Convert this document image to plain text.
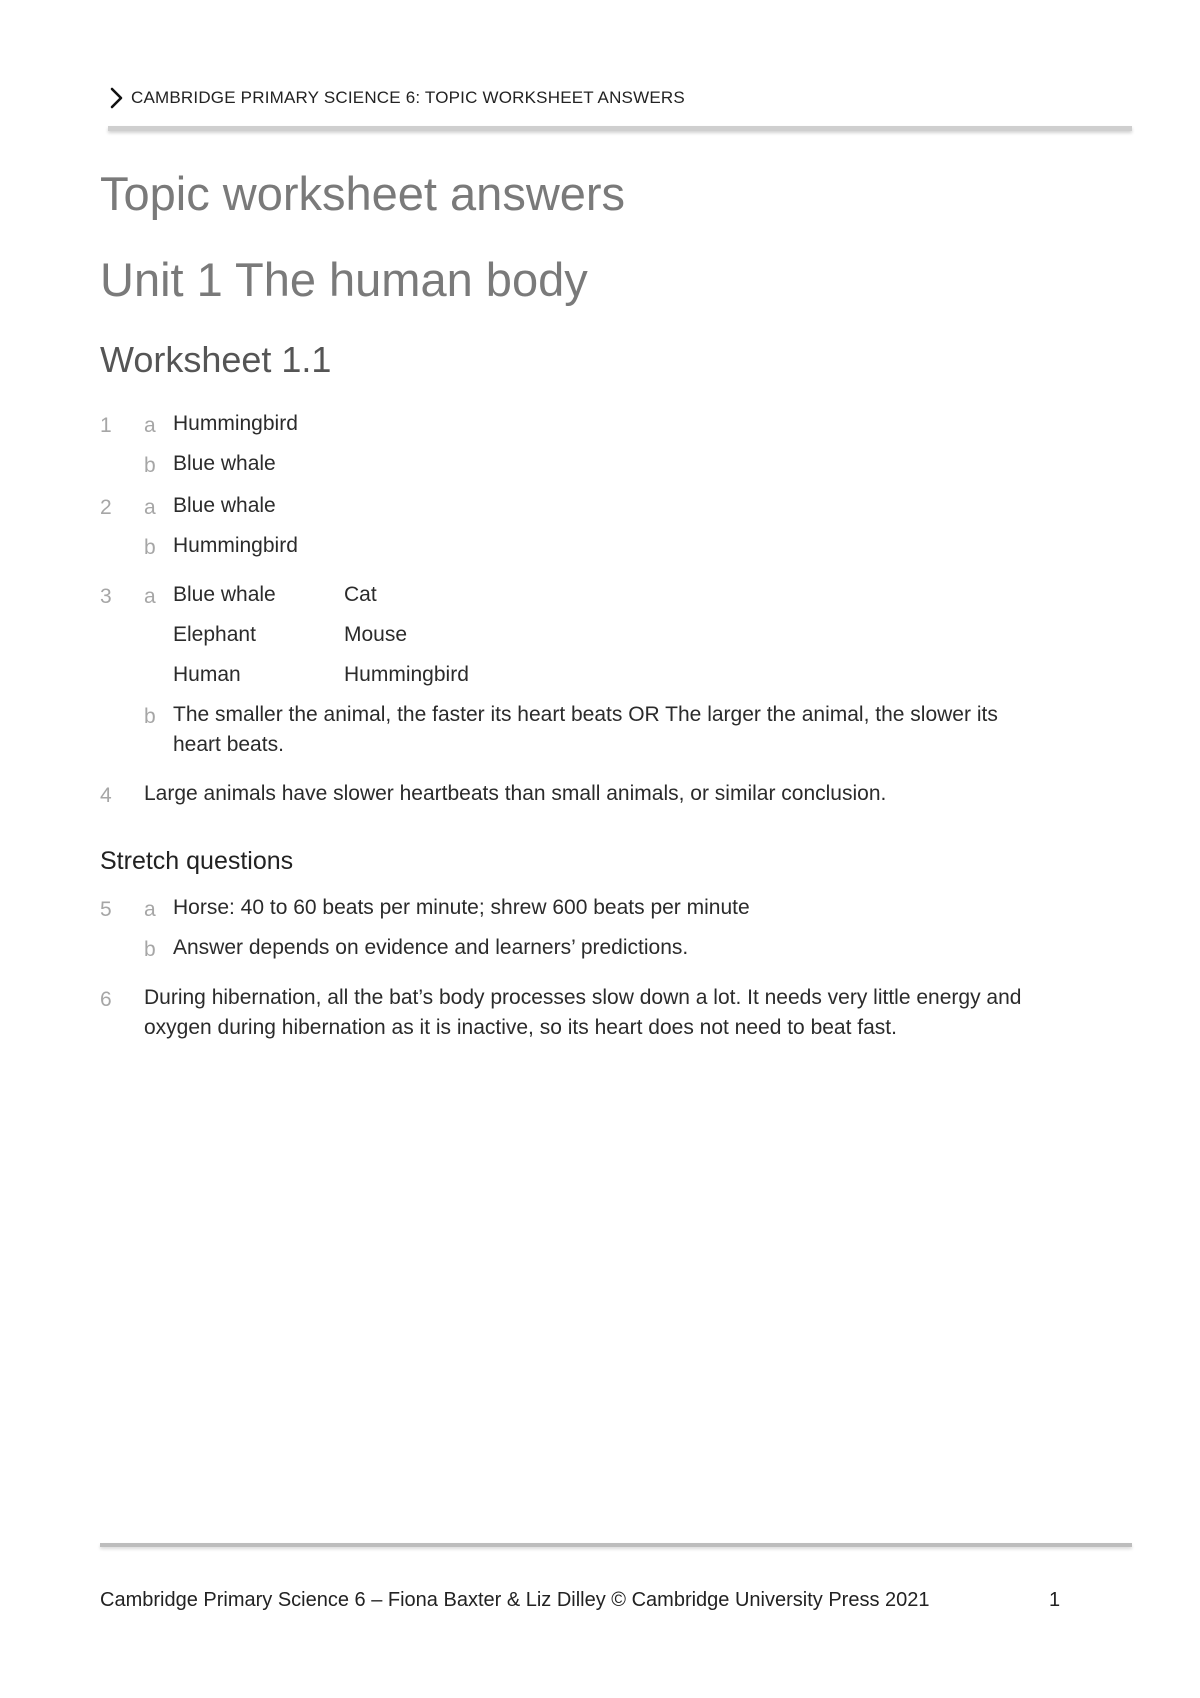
CAMBRIDGE PRIMARY SCIENCE 6: TOPIC WORKSHEET ANSWERS
Topic worksheet answers
Unit 1 The human body
Worksheet 1.1
1 a Hummingbird
b Blue whale
2 a Blue whale
b Hummingbird
3 a Blue whale	Cat
Elephant	Mouse
Human	Hummingbird
b The smaller the animal, the faster its heart beats OR The larger the animal, the slower its heart beats.
4 Large animals have slower heartbeats than small animals, or similar conclusion.
Stretch questions
5 a Horse: 40 to 60 beats per minute; shrew 600 beats per minute
b Answer depends on evidence and learners’ predictions.
6 During hibernation, all the bat’s body processes slow down a lot. It needs very little energy and oxygen during hibernation as it is inactive, so its heart does not need to beat fast.
Cambridge Primary Science 6 – Fiona Baxter & Liz Dilley © Cambridge University Press 2021	1
